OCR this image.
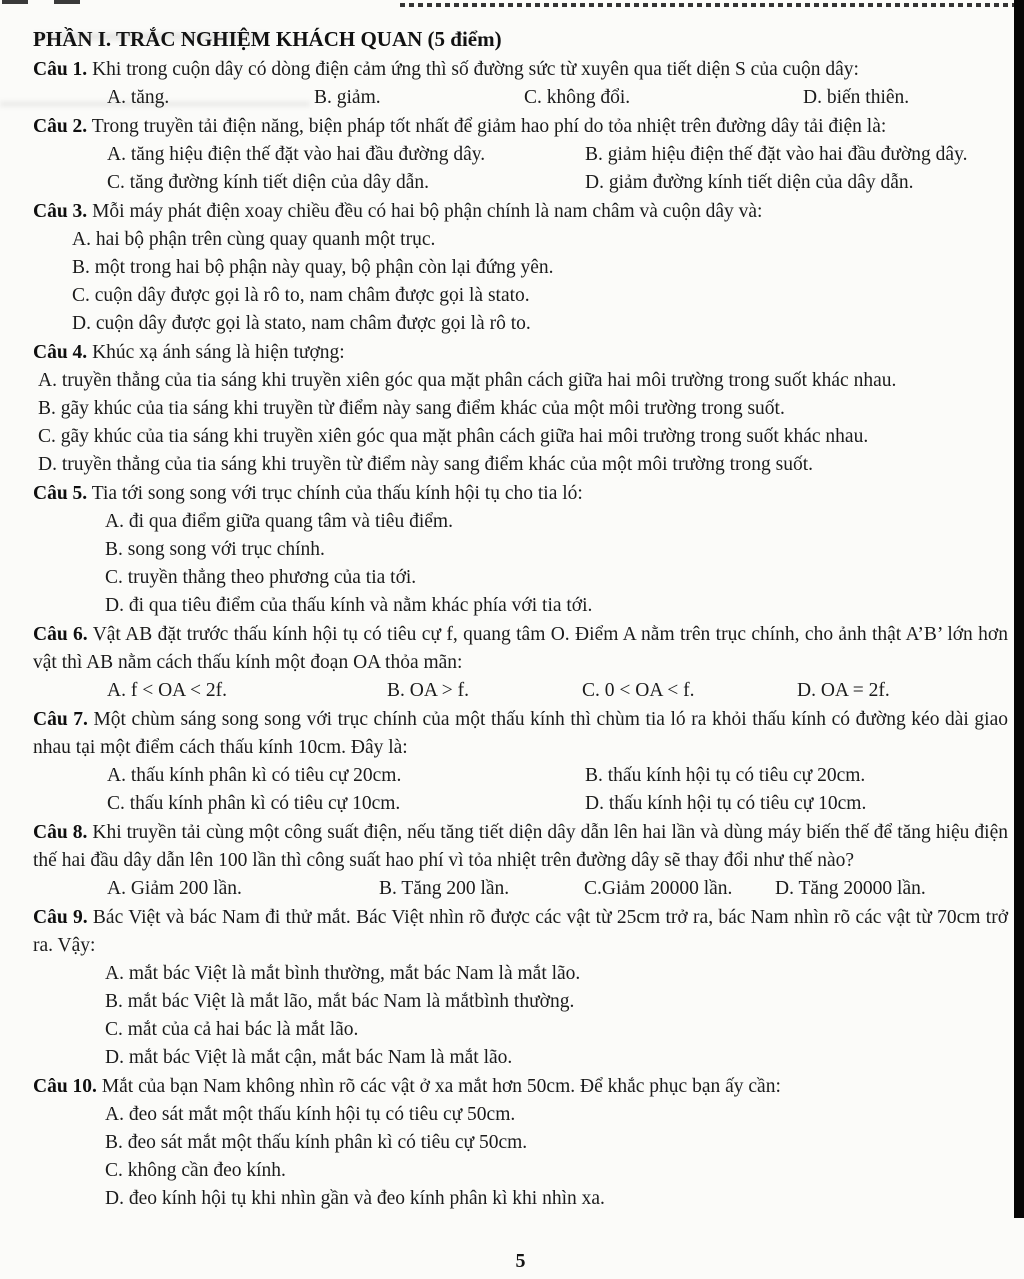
PHẦN I. TRẮC NGHIỆM KHÁCH QUAN (5 điểm)

Câu 1. Khi trong cuộn dây có dòng điện cảm ứng thì số đường sức từ xuyên qua tiết diện S của cuộn dây:

A. tăng.	B. giảm.	C. không đổi.	D. biến thiên.

Câu 2. Trong truyền tải điện năng, biện pháp tốt nhất để giảm hao phí do tỏa nhiệt trên đường dây tải điện là:

A. tăng hiệu điện thế đặt vào hai đầu đường dây.	B. giảm hiệu điện thế đặt vào hai đầu đường dây.
C. tăng đường kính tiết diện của dây dẫn.	D. giảm đường kính tiết diện của dây dẫn.

Câu 3. Mỗi máy phát điện xoay chiều đều có hai bộ phận chính là nam châm và cuộn dây và:

A. hai bộ phận trên cùng quay quanh một trục.
B. một trong hai bộ phận này quay, bộ phận còn lại đứng yên.
C. cuộn dây được gọi là rô to, nam châm được gọi là stato.
D. cuộn dây được gọi là stato, nam châm được gọi là rô to.

Câu 4. Khúc xạ ánh sáng là hiện tượng:

A. truyền thẳng của tia sáng khi truyền xiên góc qua mặt phân cách giữa hai môi trường trong suốt khác nhau.
B. gãy khúc của tia sáng khi truyền từ điểm này sang điểm khác của một môi trường trong suốt.
C. gãy khúc của tia sáng khi truyền xiên góc qua mặt phân cách giữa hai môi trường trong suốt khác nhau.
D. truyền thẳng của tia sáng khi truyền từ điểm này sang điểm khác của một môi trường trong suốt.

Câu 5. Tia tới song song với trục chính của thấu kính hội tụ cho tia ló:

A. đi qua điểm giữa quang tâm và tiêu điểm.
B. song song với trục chính.
C. truyền thẳng theo phương của tia tới.
D. đi qua tiêu điểm của thấu kính và nằm khác phía với tia tới.

Câu 6. Vật AB đặt trước thấu kính hội tụ có tiêu cự f, quang tâm O. Điểm A nằm trên trục chính, cho ảnh thật A’B’ lớn hơn vật thì AB nằm cách thấu kính một đoạn OA thỏa mãn:

A. f < OA < 2f.	B. OA > f.	C. 0 < OA < f.	D. OA = 2f.

Câu 7. Một chùm sáng song song với trục chính của một thấu kính thì chùm tia ló ra khỏi thấu kính có đường kéo dài giao nhau tại một điểm cách thấu kính 10cm. Đây là:

A. thấu kính phân kì có tiêu cự 20cm.	B. thấu kính hội tụ có tiêu cự 20cm.
C. thấu kính phân kì có tiêu cự 10cm.	D. thấu kính hội tụ có tiêu cự 10cm.

Câu 8. Khi truyền tải cùng một công suất điện, nếu tăng tiết diện dây dẫn lên hai lần và dùng máy biến thế để tăng hiệu điện thế hai đầu dây dẫn lên 100 lần thì công suất hao phí vì tỏa nhiệt trên đường dây sẽ thay đổi như thế nào?

A. Giảm 200 lần.	B. Tăng 200 lần.	C.Giảm 20000 lần. D. Tăng 20000 lần.

Câu 9. Bác Việt và bác Nam đi thử mắt. Bác Việt nhìn rõ được các vật từ 25cm trở ra, bác Nam nhìn rõ các vật từ 70cm trở ra. Vậy:

A. mắt bác Việt là mắt bình thường, mắt bác Nam là mắt lão.
B. mắt bác Việt là mắt lão, mắt bác Nam là mắtbình thường.
C. mắt của cả hai bác là mắt lão.
D. mắt bác Việt là mắt cận, mắt bác Nam là mắt lão.

Câu 10. Mắt của bạn Nam không nhìn rõ các vật ở xa mắt hơn 50cm. Để khắc phục bạn ấy cần:

A. đeo sát mắt một thấu kính hội tụ có tiêu cự 50cm.
B. đeo sát mắt một thấu kính phân kì có tiêu cự 50cm.
C. không cần đeo kính.
D. đeo kính hội tụ khi nhìn gần và đeo kính phân kì khi nhìn xa.
5
